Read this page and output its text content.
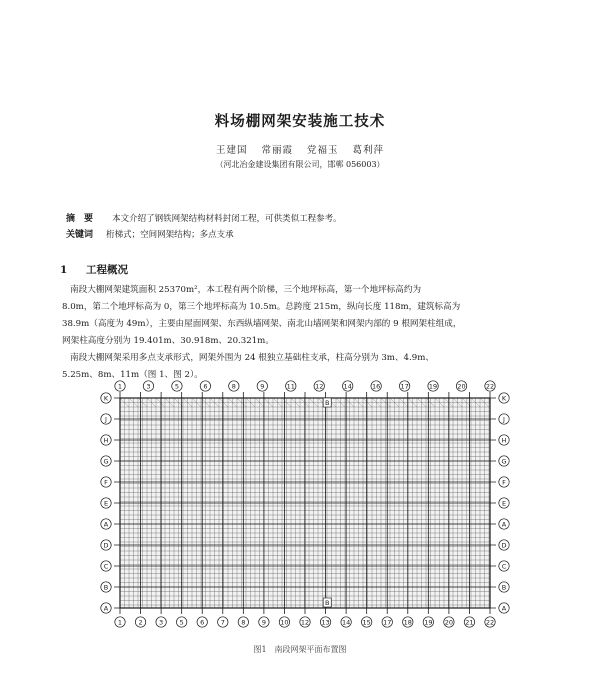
料场棚网架安装施工技术
王建国 常丽霞 党福玉 葛利萍
（河北冶金建设集团有限公司，邯郸 056003）
摘　要 本文介绍了钢铁网架结构材料封闭工程，可供类似工程参考。
关键词 桁梯式；空间网架结构；多点支承
1 工程概况
南段大棚网架建筑面积 25370m²，本工程有两个阶梯，三个地坪标高，第一个地坪标高约为
8.0m，第二个地坪标高为 0，第三个地坪标高为 10.5m。总跨度 215m，纵向长度 118m，建筑标高为
38.9m（高度为 49m），主要由屋面网架、东西纵墙网架、南北山墙网架和网架内部的 9 根网架柱组成，
网架柱高度分别为 19.401m、30.918m、20.321m。
南段大棚网架采用多点支承形式，网架外围为 24 根独立基础柱支承，柱高分别为 3m、4.9m、
5.25m、8m、11m（图 1、图 2）。
1	2	3	5	6	7	8	9 10 12 13 14 15 17 18 19 20 21 22
1	3	5	6	8	9	11	12	14	16	17	19	20	22
K	K
J	J
H	H
G	G
F	F
E	E
A	A
D	D
C	C
B	B
A	A
B
B
图1　南段网架平面布置图
